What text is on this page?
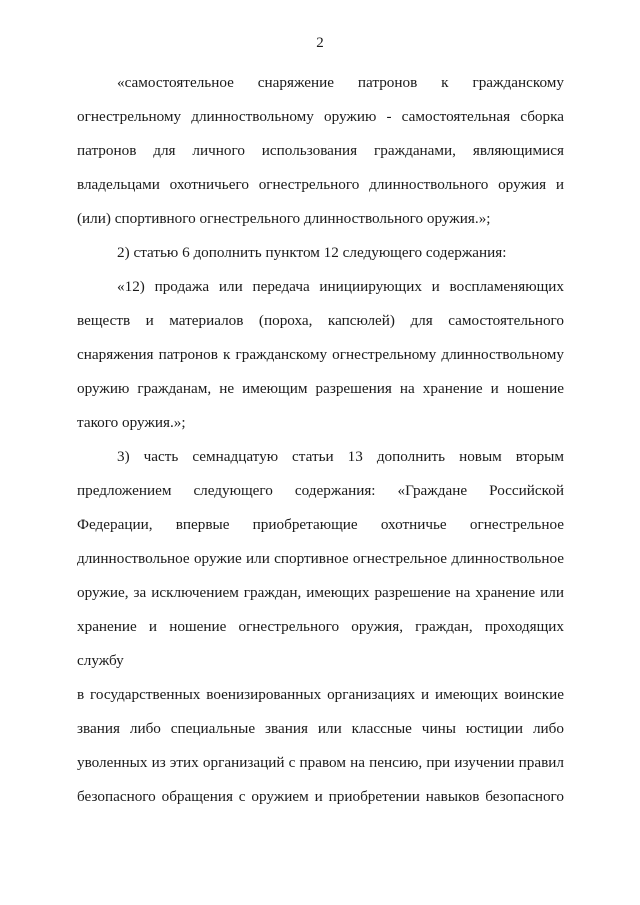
2
«самостоятельное снаряжение патронов к гражданскому
огнестрельному длинноствольному оружию - самостоятельная сборка
патронов для личного использования гражданами, являющимися
владельцами охотничьего огнестрельного длинноствольного оружия и
(или) спортивного огнестрельного длинноствольного оружия.»;
2) статью 6 дополнить пунктом 12 следующего содержания:
«12) продажа или передача инициирующих и воспламеняющих
веществ и материалов (пороха, капсюлей) для самостоятельного
снаряжения патронов к гражданскому огнестрельному длинноствольному
оружию гражданам, не имеющим разрешения на хранение и ношение
такого оружия.»;
3) часть семнадцатую статьи 13 дополнить новым вторым
предложением следующего содержания: «Граждане Российской
Федерации, впервые приобретающие охотничье огнестрельное
длинноствольное оружие или спортивное огнестрельное длинноствольное
оружие, за исключением граждан, имеющих разрешение на хранение или
хранение и ношение огнестрельного оружия, граждан, проходящих службу
в государственных военизированных организациях и имеющих воинские
звания либо специальные звания или классные чины юстиции либо
уволенных из этих организаций с правом на пенсию, при изучении правил
безопасного обращения с оружием и приобретении навыков безопасного
